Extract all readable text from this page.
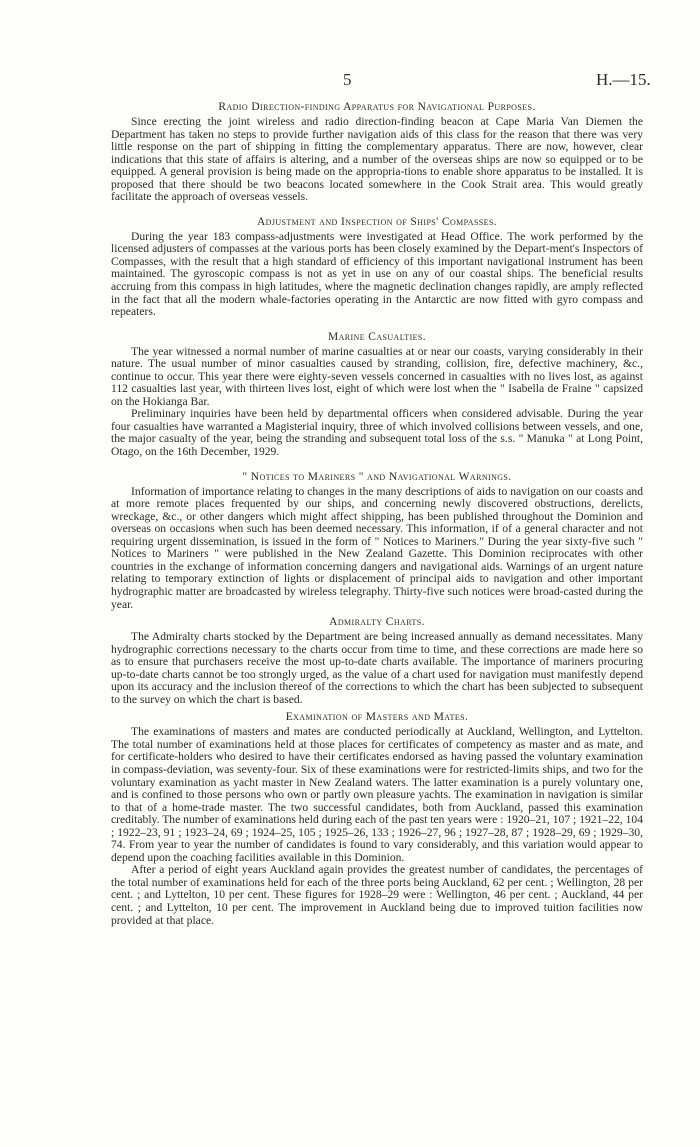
5	H.—15.
Radio Direction-finding Apparatus for Navigational Purposes.

Since erecting the joint wireless and radio direction-finding beacon at Cape Maria Van Diemen the Department has taken no steps to provide further navigation aids of this class for the reason that there was very little response on the part of shipping in fitting the complementary apparatus. There are now, however, clear indications that this state of affairs is altering, and a number of the overseas ships are now so equipped or to be equipped. A general provision is being made on the appropria-tions to enable shore apparatus to be installed. It is proposed that there should be two beacons located somewhere in the Cook Strait area. This would greatly facilitate the approach of overseas vessels.

Adjustment and Inspection of Ships' Compasses.

During the year 183 compass-adjustments were investigated at Head Office. The work performed by the licensed adjusters of compasses at the various ports has been closely examined by the Depart-ment's Inspectors of Compasses, with the result that a high standard of efficiency of this important navigational instrument has been maintained. The gyroscopic compass is not as yet in use on any of our coastal ships. The beneficial results accruing from this compass in high latitudes, where the magnetic declination changes rapidly, are amply reflected in the fact that all the modern whale-factories operating in the Antarctic are now fitted with gyro compass and repeaters.

Marine Casualties.

The year witnessed a normal number of marine casualties at or near our coasts, varying considerably in their nature. The usual number of minor casualties caused by stranding, collision, fire, defective machinery, &c., continue to occur. This year there were eighty-seven vessels concerned in casualties with no lives lost, as against 112 casualties last year, with thirteen lives lost, eight of which were lost when the " Isabella de Fraine " capsized on the Hokianga Bar.

Preliminary inquiries have been held by departmental officers when considered advisable. During the year four casualties have warranted a Magisterial inquiry, three of which involved collisions between vessels, and one, the major casualty of the year, being the stranding and subsequent total loss of the s.s. " Manuka " at Long Point, Otago, on the 16th December, 1929.

" Notices to Mariners " and Navigational Warnings.

Information of importance relating to changes in the many descriptions of aids to navigation on our coasts and at more remote places frequented by our ships, and concerning newly discovered obstructions, derelicts, wreckage, &c., or other dangers which might affect shipping, has been published throughout the Dominion and overseas on occasions when such has been deemed necessary. This information, if of a general character and not requiring urgent dissemination, is issued in the form of " Notices to Mariners." During the year sixty-five such " Notices to Mariners " were published in the New Zealand Gazette. This Dominion reciprocates with other countries in the exchange of information concerning dangers and navigational aids. Warnings of an urgent nature relating to temporary extinction of lights or displacement of principal aids to navigation and other important hydrographic matter are broadcasted by wireless telegraphy. Thirty-five such notices were broad-casted during the year.

Admiralty Charts.

The Admiralty charts stocked by the Department are being increased annually as demand necessitates. Many hydrographic corrections necessary to the charts occur from time to time, and these corrections are made here so as to ensure that purchasers receive the most up-to-date charts available. The importance of mariners procuring up-to-date charts cannot be too strongly urged, as the value of a chart used for navigation must manifestly depend upon its accuracy and the inclusion thereof of the corrections to which the chart has been subjected to subsequent to the survey on which the chart is based.

Examination of Masters and Mates.

The examinations of masters and mates are conducted periodically at Auckland, Wellington, and Lyttelton. The total number of examinations held at those places for certificates of competency as master and as mate, and for certificate-holders who desired to have their certificates endorsed as having passed the voluntary examination in compass-deviation, was seventy-four. Six of these examinations were for restricted-limits ships, and two for the voluntary examination as yacht master in New Zealand waters. The latter examination is a purely voluntary one, and is confined to those persons who own or partly own pleasure yachts. The examination in navigation is similar to that of a home-trade master. The two successful candidates, both from Auckland, passed this examination creditably. The number of examinations held during each of the past ten years were : 1920–21, 107 ; 1921–22, 104 ; 1922–23, 91 ; 1923–24, 69 ; 1924–25, 105 ; 1925–26, 133 ; 1926–27, 96 ; 1927–28, 87 ; 1928–29, 69 ; 1929–30, 74. From year to year the number of candidates is found to vary considerably, and this variation would appear to depend upon the coaching facilities available in this Dominion.

After a period of eight years Auckland again provides the greatest number of candidates, the percentages of the total number of examinations held for each of the three ports being Auckland, 62 per cent. ; Wellington, 28 per cent. ; and Lyttelton, 10 per cent. These figures for 1928–29 were : Wellington, 46 per cent. ; Auckland, 44 per cent. ; and Lyttelton, 10 per cent. The improvement in Auckland being due to improved tuition facilities now provided at that place.
